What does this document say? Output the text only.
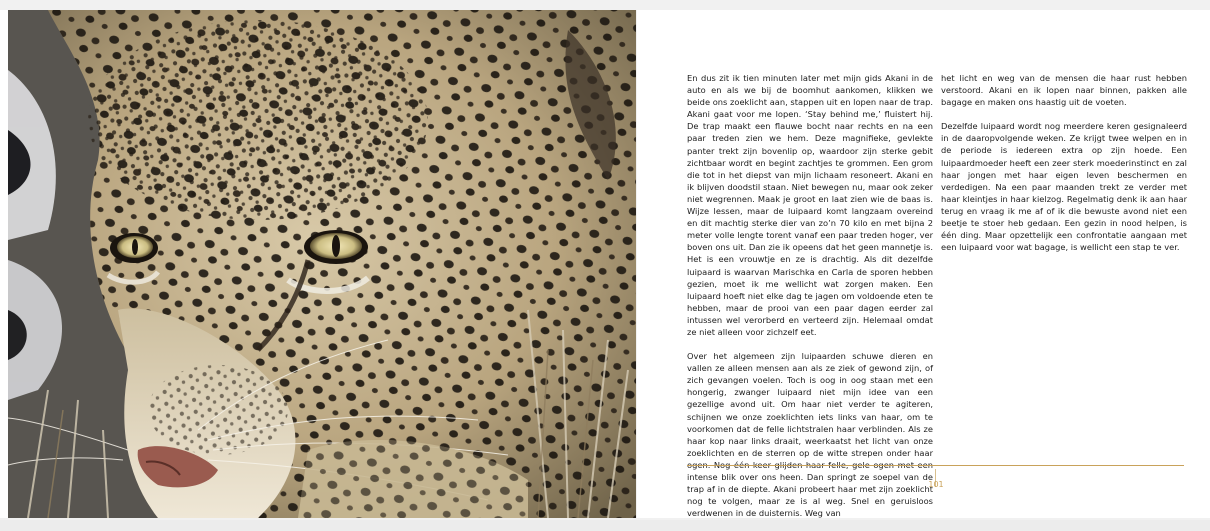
En dus zit ik tien minuten later met mijn gids Akani in de auto en als we bij de boomhut aankomen, klikken we beide ons zoeklicht aan, stappen uit en lopen naar de trap. Akani gaat voor me lopen. ‘Stay behind me,’ fluistert hij. De trap maakt een flauwe bocht naar rechts en na een paar treden zien we hem. Deze magnifieke, gevlekte panter trekt zijn bovenlip op, waardoor zijn sterke gebit zichtbaar wordt en begint zachtjes te grommen. Een grom die tot in het diepst van mijn lichaam resoneert. Akani en ik blijven doodstil staan. Niet bewegen nu, maar ook zeker niet wegrennen. Maak je groot en laat zien wie de baas is. Wijze lessen, maar de luipaard komt langzaam overeind en dit machtig sterke dier van zo’n 70 kilo en met bijna 2 meter volle lengte torent vanaf een paar treden hoger, ver boven ons uit. Dan zie ik opeens dat het geen mannetje is. Het is een vrouwtje en ze is drachtig. Als dit dezelfde luipaard is waarvan Marischka en Carla de sporen hebben gezien, moet ik me wellicht wat zorgen maken. Een luipaard hoeft niet elke dag te jagen om voldoende eten te hebben, maar de prooi van een paar dagen eerder zal intussen wel verorberd en verteerd zijn. Helemaal omdat ze niet alleen voor zichzelf eet.

Over het algemeen zijn luipaarden schuwe dieren en vallen ze alleen mensen aan als ze ziek of gewond zijn, of zich gevangen voelen. Toch is oog in oog staan met een hongerig, zwanger luipaard niet mijn idee van een gezellige avond uit. Om haar niet verder te agiteren, schijnen we onze zoeklichten iets links van haar, om te voorkomen dat de felle lichtstralen haar verblinden. Als ze haar kop naar links draait, weerkaatst het licht van onze zoeklichten en de sterren op de witte strepen onder haar ogen. Nog één keer glijden haar felle, gele ogen met een intense blik over ons heen. Dan springt ze soepel van de trap af in de diepte. Akani probeert haar met zijn zoeklicht nog te volgen, maar ze is al weg. Snel en geruisloos verdwenen in de duisternis. Weg van

het licht en weg van de mensen die haar rust hebben verstoord. Akani en ik lopen naar binnen, pakken alle bagage en maken ons haastig uit de voeten.

Dezelfde luipaard wordt nog meerdere keren gesignaleerd in de daaropvolgende weken. Ze krijgt twee welpen en in de periode is iedereen extra op zijn hoede. Een luipaardmoeder heeft een zeer sterk moederinstinct en zal haar jongen met haar eigen leven beschermen en verdedigen. Na een paar maanden trekt ze verder met haar kleintjes in haar kielzog. Regelmatig denk ik aan haar terug en vraag ik me af of ik die bewuste avond niet een beetje te stoer heb gedaan. Een gezin in nood helpen, is één ding. Maar opzettelijk een confrontatie aangaan met een luipaard voor wat bagage, is wellicht een stap te ver.

101
